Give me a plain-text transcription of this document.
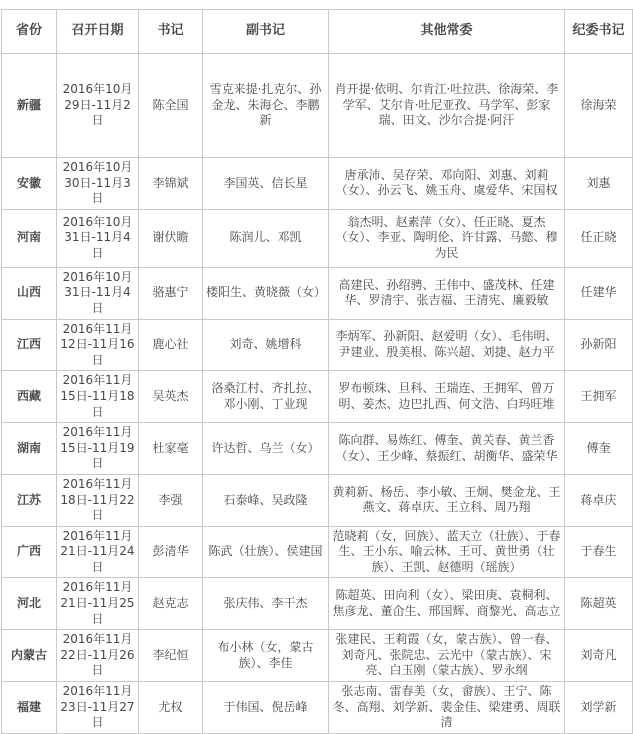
省份	召开日期	书记	副书记	其他常委	纪委书记
新疆	2016年10月29日-11月2日	陈全国	雪克来提·扎克尔、孙金龙、朱海仑、李鹏新	肖开提·依明、尔肯江·吐拉洪、徐海荣、李学军、艾尔肯·吐尼亚孜、马学军、彭家瑞、田文、沙尔合提·阿汗	徐海荣
安徽	2016年10月30日-11月3日	李锦斌	李国英、信长星	唐承沛、吴存荣、邓向阳、刘惠、刘莉（女）、孙云飞、姚玉舟、虞爱华、宋国权	刘惠
河南	2016年10月31日-11月4日	谢伏瞻	陈润儿、邓凯	翁杰明、赵素萍（女）、任正晓、夏杰（女）、李亚、陶明伦、许甘露、马懿、穆为民	任正晓
山西	2016年10月31日-11月4日	骆惠宁	楼阳生、黄晓薇（女）	高建民、孙绍骋、王伟中、盛茂林、任建华、罗清宇、张吉福、王清宪、廉毅敏	任建华
江西	2016年11月12日-11月16日	鹿心社	刘奇、姚增科	李炳军、孙新阳、赵爱明（女）、毛伟明、尹建业、殷美根、陈兴超、刘捷、赵力平	孙新阳
西藏	2016年11月15日-11月18日	吴英杰	洛桑江村、齐扎拉、邓小刚、丁业现	罗布顿珠、旦科、王瑞连、王拥军、曾万明、姜杰、边巴扎西、何文浩、白玛旺堆	王拥军
湖南	2016年11月15日-11月19日	杜家毫	许达哲、乌兰（女）	陈向群、易炼红、傅奎、黄关春、黄兰香（女）、王少峰、蔡振红、胡衡华、盛荣华	傅奎
江苏	2016年11月18日-11月22日	李强	石泰峰、吴政隆	黄莉新、杨岳、李小敏、王炯、樊金龙、王燕文、蒋卓庆、王立科、周乃翔	蒋卓庆
广西	2016年11月21日-11月24日	彭清华	陈武（壮族）、侯建国	范晓莉（女，回族）、蓝天立（壮族）、于春生、王小东、喻云林、王可、黄世勇（壮族）、王凯、赵德明（瑶族）	于春生
河北	2016年11月21日-11月25日	赵克志	张庆伟、李干杰	陈超英、田向利（女）、梁田庚、袁桐利、焦彦龙、董仚生、邢国辉、商黎光、高志立	陈超英
内蒙古	2016年11月22日-11月26日	李纪恒	布小林（女，蒙古族）、李佳	张建民、王莉霞（女，蒙古族）、曾一春、刘奇凡、张院忠、云光中（蒙古族）、宋亮、白玉刚（蒙古族）、罗永纲	刘奇凡
福建	2016年11月23日-11月27日	尤权	于伟国、倪岳峰	张志南、雷春美（女，畲族）、王宁、陈冬、高翔、刘学新、裴金佳、梁建勇、周联清	刘学新
